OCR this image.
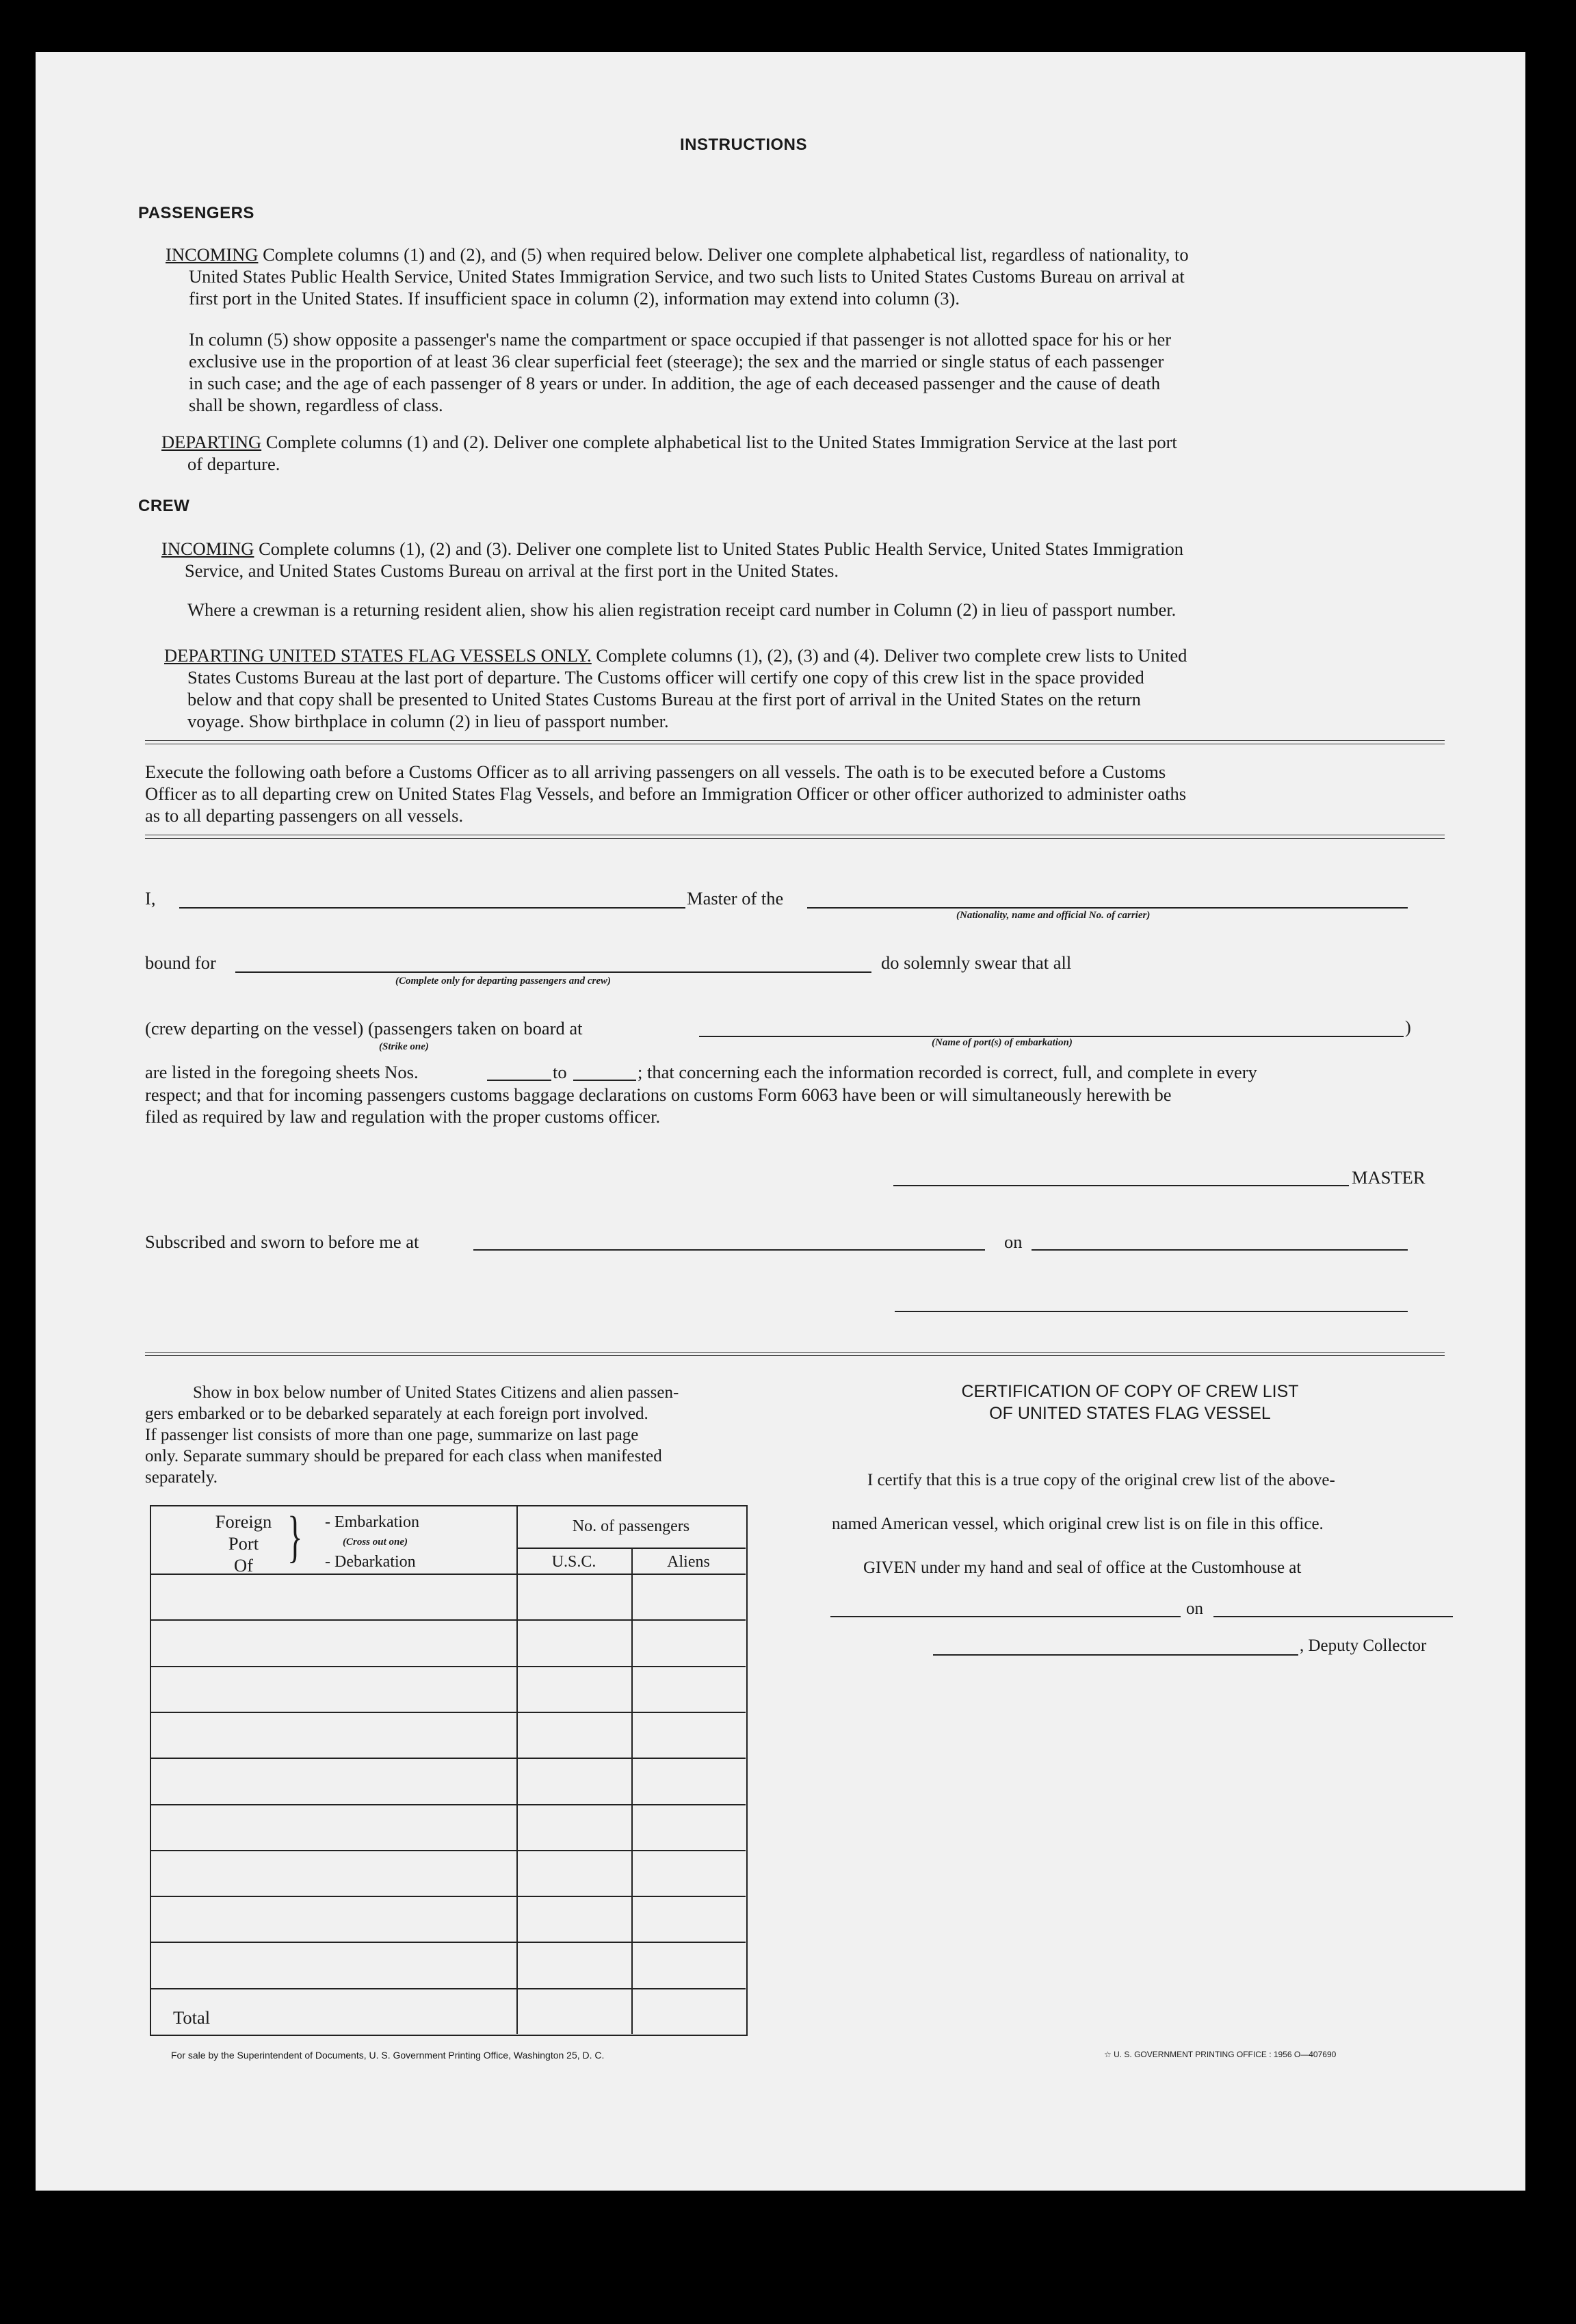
INSTRUCTIONS
PASSENGERS
INCOMING Complete columns (1) and (2), and (5) when required below. Deliver one complete alphabetical list, regardless of nationality, to
United States Public Health Service, United States Immigration Service, and two such lists to United States Customs Bureau on arrival at
first port in the United States. If insufficient space in column (2), information may extend into column (3).
In column (5) show opposite a passenger's name the compartment or space occupied if that passenger is not allotted space for his or her
exclusive use in the proportion of at least 36 clear superficial feet (steerage); the sex and the married or single status of each passenger
in such case; and the age of each passenger of 8 years or under. In addition, the age of each deceased passenger and the cause of death
shall be shown, regardless of class.
DEPARTING Complete columns (1) and (2). Deliver one complete alphabetical list to the United States Immigration Service at the last port
of departure.
CREW
INCOMING Complete columns (1), (2) and (3). Deliver one complete list to United States Public Health Service, United States Immigration
Service, and United States Customs Bureau on arrival at the first port in the United States.
Where a crewman is a returning resident alien, show his alien registration receipt card number in Column (2) in lieu of passport number.
DEPARTING UNITED STATES FLAG VESSELS ONLY. Complete columns (1), (2), (3) and (4). Deliver two complete crew lists to United
States Customs Bureau at the last port of departure. The Customs officer will certify one copy of this crew list in the space provided
below and that copy shall be presented to United States Customs Bureau at the first port of arrival in the United States on the return
voyage. Show birthplace in column (2) in lieu of passport number.
Execute the following oath before a Customs Officer as to all arriving passengers on all vessels. The oath is to be executed before a Customs
Officer as to all departing crew on United States Flag Vessels, and before an Immigration Officer or other officer authorized to administer oaths
as to all departing passengers on all vessels.
I,	Master of the
(Nationality, name and official No. of carrier)
bound for
(Complete only for departing passengers and crew)
do solemnly swear that all
(crew departing on the vessel) (passengers taken on board at	)
(Strike one)	(Name of port(s) of embarkation)
are listed in the foregoing sheets Nos.	to	; that concerning each the information recorded is correct, full, and complete in every
respect; and that for incoming passengers customs baggage declarations on customs Form 6063 have been or will simultaneously herewith be
filed as required by law and regulation with the proper customs officer.
MASTER
Subscribed and sworn to before me at	on
Show in box below number of United States Citizens and alien passen-
gers embarked or to be debarked separately at each foreign port involved.
If passenger list consists of more than one page, summarize on last page
only. Separate summary should be prepared for each class when manifested
separately.
Foreign
Port
Of } - Embarkation
(Cross out one)
- Debarkation
No. of passengers
U.S.C.	Aliens
Total
CERTIFICATION OF COPY OF CREW LIST
OF UNITED STATES FLAG VESSEL
I certify that this is a true copy of the original crew list of the above-
named American vessel, which original crew list is on file in this office.
GIVEN under my hand and seal of office at the Customhouse at
on
, Deputy Collector
For sale by the Superintendent of Documents, U. S. Government Printing Office, Washington 25, D. C.	☆ U. S. GOVERNMENT PRINTING OFFICE : 1956 O—407690
